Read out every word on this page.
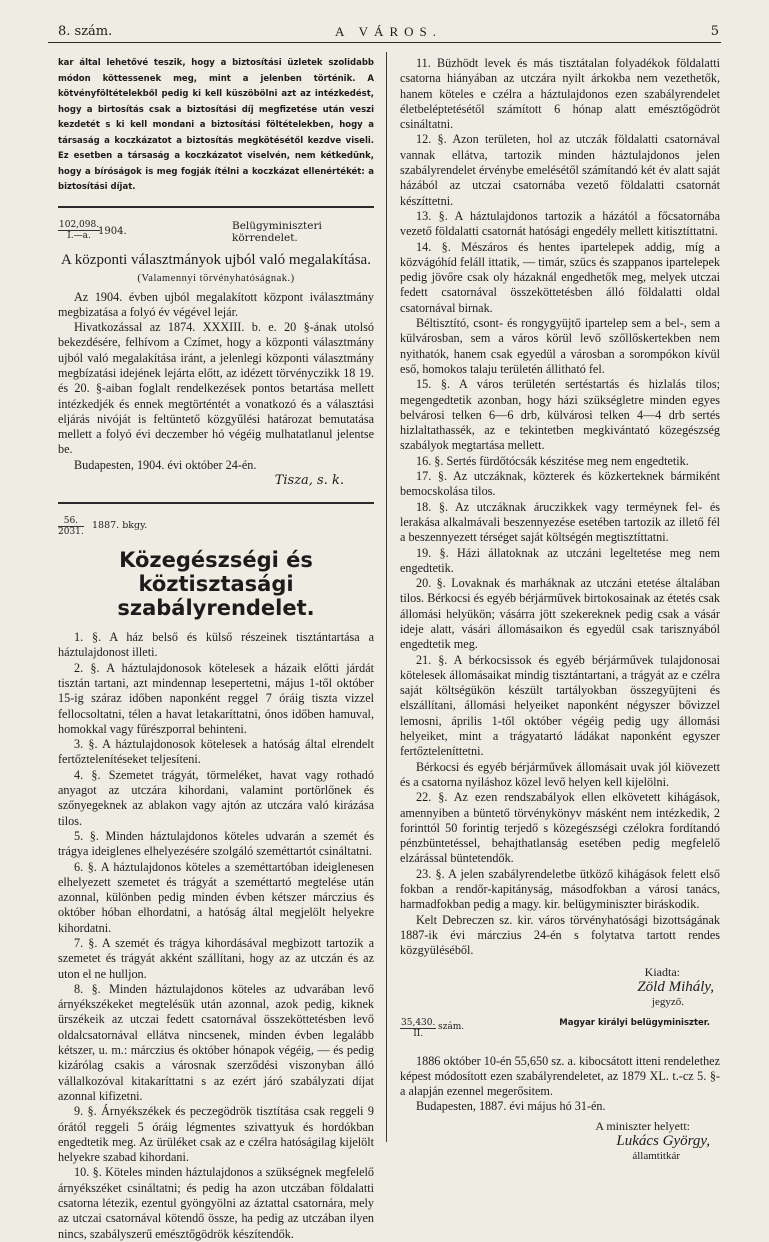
8. szám.	A VÁROS.	5

kar által lehetővé teszik, hogy a biztosítási üzletek szolidabb módon köttessenek meg, mint a jelenben történik. A kötvényföltételekből pedig ki kell küszöbölni azt az intézkedést, hogy a birtosítás csak a biztosítási díj megfizetése után veszi kezdetét s ki kell mondani a biztosítási föltételekben, hogy a társaság a koczkázatot a biztosítás megkötésétől kezdve viseli. Ez esetben a társaság a koczkázatot viselvén, nem kétkedünk, hogy a bíróságok is meg fogják ítélni a koczkázat ellenértékét: a biztosítási díjat.

$\frac{102,098.}{I.—a.}$
1904.	Belügyminiszteri körrendelet.

A központi választmányok ujból való megalakítása.

(Valamennyi törvényhatóságnak.)

Az 1904. évben ujból megalakított központ iválasztmány megbizatása a folyó év végével lejár.

Hivatkozással az 1874. XXXIII. b. e. 20 §-ának utolsó bekezdésére, felhívom a Czímet, hogy a központi választmány ujból való megalakítása iránt, a jelenlegi központi választmány megbízatási idejének lejárta előtt, az idézett törvényczikk 18 19. és 20. §-aiban foglalt rendelkezések pontos betartása mellett intézkedjék és ennek megtörténtét a vonatkozó és a választási eljárás nivóját is feltüntető közgyűlési határozat bemutatása mellett a folyó évi deczember hó végéig mulhatatlanul jelentse be.

Budapesten, 1904. évi október 24-én.

Tisza, s. k.

$\frac{56.}{2031.} 1887$. bkgy.

Közegészségi és köztisztasági szabályrendelet.

1. §. A ház belső és külső részeinek tisztántartása a háztulajdonost illeti.

2. §. A háztulajdonosok kötelesek a házaik előtti járdát tisztán tartani, azt mindennap lesepertetni, május 1-től október 15-ig száraz időben naponként reggel 7 óráig tiszta vizzel fellocsoltatni, télen a havat letakaríttatni, ónos időben hamuval, homokkal vagy fűrészporral behinteni.

3. §. A háztulajdonosok kötelesek a hatóság által elrendelt fertőztelenítéseket teljesíteni.

4. §. Szemetet trágyát, törmeléket, havat vagy rothadó anyagot az utczára kihordani, valamint portörlőnek és szőnyegeknek az ablakon vagy ajtón az utczára való kirázása tilos.

5. §. Minden háztulajdonos köteles udvarán a szemét és trágya ideiglenes elhelyezésére szolgáló szeméttartót csináltatni.

6. §. A háztulajdonos köteles a szeméttartóban ideiglenesen elhelyezett szemetet és trágyát a szeméttartó megtelése után azonnal, különben pedig minden évben kétszer márczius és október hóban elhordatni, a hatóság által megjelölt helyekre kihordatni.

7. §. A szemét és trágya kihordásával megbizott tartozik a szemetet és trágyát akként szállítani, hogy az az utczán és az uton el ne hulljon.

8. §. Minden háztulajdonos köteles az udvarában levő árnyékszékeket megtelésük után azonnal, azok pedig, kiknek ürszékeik az utczai fedett csatornával összeköttetésben levő oldalcsatornával ellátva nincsenek, minden évben legalább kétszer, u. m.: márczius és október hónapok végéig, — és pedig kizárólag csakis a városnak szerződési viszonyban álló vállalkozóval kitakaríttatni s az ezért járó szabályzati díjat azonnal kifizetni.

9. §. Árnyékszékek és peczegödrök tisztítása csak reggeli 9 órától reggeli 5 óráig légmentes szivattyuk és hordókban engedtetik meg. Az ürüléket csak az e czélra hatóságilag kijelölt helyekre szabad kihordani.

10. §. Köteles minden háztulajdonos a szükségnek megfelelő árnyékszéket csináltatni; és pedig ha azon utczában földalatti csatorna létezik, ezentul gyöngyölni az áztattal csatornára, mely az utczai csatornával kötendő össze, ha pedig az utczában ilyen nincs, szabályszerű emésztőgödrök készítendők.

11. Büzhödt levek és más tisztátalan folyadékok földalatti csatorna hiányában az utczára nyilt árkokba nem vezethetők, hanem köteles e czélra a háztulajdonos ezen szabályrendelet életbeléptetésétől számított 6 hónap alatt emésztőgödröt csináltatni.

12. §. Azon területen, hol az utczák földalatti csatornával vannak ellátva, tartozik minden háztulajdonos jelen szabályrendelet érvénybe emelésétől számítandó két év alatt saját házából az utczai csatornába vezető földalatti csatornát készíttetni.

13. §. A háztulajdonos tartozik a házától a főcsatornába vezető földalatti csatornát hatósági engedély mellett kitisztíttatni.

14. §. Mészáros és hentes ipartelepek addig, míg a közvágóhíd feláll ittatik, — timár, szücs és szappanos ipartelepek pedig jövőre csak oly házaknál engedhetők meg, melyek utczai fedett csatornával összeköttetésben álló földalatti oldal csatornával birnak.

Béltisztító, csont- és rongygyüjtő ipartelep sem a bel-, sem a külvárosban, sem a város körül levő szőllőskertekben nem nyithatók, hanem csak egyedül a városban a sorompókon kívül eső, homokos talaju területén állitható fel.

15. §. A város területén sertéstartás és hizlalás tilos; megengedtetik azonban, hogy házi szükségletre minden egyes belvárosi telken 6—6 drb, külvárosi telken 4—4 drb sertés hizlaltathassék, az e tekintetben megkivántató közegészség szabályok megtartása mellett.

16. §. Sertés fürdőtócsák készitése meg nem engedtetik.

17. §. Az utczáknak, közterek és közkerteknek bármiként bemocskolása tilos.

18. §. Az utczáknak áruczikkek vagy terméynek fel- és lerakása alkalmávali beszennyezése esetében tartozik az illető fél a beszennyezett térséget saját költségén megtisztíttatni.

19. §. Házi állatoknak az utczáni legeltetése meg nem engedtetik.

20. §. Lovaknak és marháknak az utczáni etetése általában tilos. Bérkocsi és egyéb bérjárművek birtokosainak az étetés csak állomási helyükön; vásárra jött szekereknek pedig csak a vásár ideje alatt, vásári állomásaikon és egyedül csak tarisznyából engedtetik meg.

21. §. A bérkocsissok és egyéb bérjárművek tulajdonosai kötelesek állomásaikat mindig tisztántartani, a trágyát az e czélra saját költségükön készült tartályokban összegyüjteni és elszállítani, állomási helyeiket naponként négyszer bővizzel lemosni, április 1-től október végéig pedig ugy állomási helyeiket, mint a trágyatartó ládákat naponként egyszer fertőzteleníttetni.

Bérkocsi és egyéb bérjárművek állomásait uvak jól kiövezett és a csatorna nyiláshoz közel levő helyen kell kijelölni.

22. §. Az ezen rendszabályok ellen elkövetett kihágások, amennyiben a büntető törvénykönyv másként nem intézkedik, 2 forinttól 50 forintig terjedő s közegészségi czélokra fordítandó pénzbüntetéssel, behajthatlanság esetében pedig megfelelő elzárással büntetendők.

23. §. A jelen szabályrendeletbe ütköző kihágások felett első fokban a rendőr-kapitányság, másodfokban a városi tanács, harmadfokban pedig a magy. kir. belügyminiszter biráskodik.

Kelt Debreczen sz. kir. város törvényhatósági bizottságának 1887-ik évi márczius 24-én s folytatva tartott rendes közgyüléséből.

Kiadta:
Zöld Mihály,
jegyző.
$\frac{35,430.}{II.}$ szám.	Magyar királyi belügyminiszter.

1886 október 10-én 55,650 sz. a. kibocsátott itteni rendelethez képest módosított ezen szabályrendeletet, az 1879 XL. t.-cz 5. §-a alapján ezennel megerősitem.

Budapesten, 1887. évi május hó 31-én.

A miniszter helyett:
Lukács György,
államtitkár
